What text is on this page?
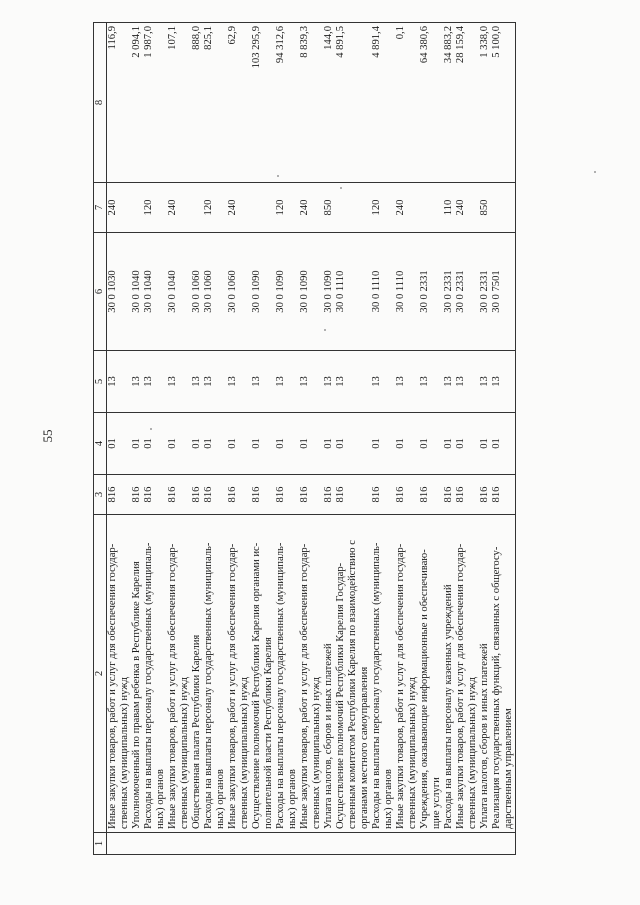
55
1	2	3	4	5	6	7	8

	Иные закупки товаров, работ и услуг для обеспечения государ- ственных (муниципальных) нужд	816	01	13	30 0 1030	240	116,9

	Уполномоченный по правам ребенка в Республике Карелия	816	01	13	30 0 1040		2 094,1

	Расходы на выплаты персоналу государственных (муниципаль- ных) органов	816	01	13	30 0 1040	120	1 987,0

	Иные закупки товаров, работ и услуг для обеспечения государ- ственных (муниципальных) нужд	816	01	13	30 0 1040	240	107,1

	Общественная палата Республики Карелия	816	01	13	30 0 1060		888,0

	Расходы на выплаты персоналу государственных (муниципаль- ных) органов	816	01	13	30 0 1060	120	825,1

	Иные закупки товаров, работ и услуг для обеспечения государ- ственных (муниципальных) нужд	816	01	13	30 0 1060	240	62,9

	Осуществление полномочий Республики Карелия органами ис- полнительной власти Республики Карелия	816	01	13	30 0 1090		103 295,9

	Расходы на выплаты персоналу государственных (муниципаль- ных) органов	816	01	13	30 0 1090	120	94 312,6

	Иные закупки товаров, работ и услуг для обеспечения государ- ственных (муниципальных) нужд	816	01	13	30 0 1090	240	8 839,3

	Уплата налогов, сборов и иных платежей	816	01	13	30 0 1090	850	144,0

	Осуществление полномочий Республики Карелия Государ- ственным комитетом Республики Карелия по взаимодействию с органами местного самоуправления	816	01	13	30 0 1110		4 891,5

	Расходы на выплаты персоналу государственных (муниципаль- ных) органов	816	01	13	30 0 1110	120	4 891,4

	Иные закупки товаров, работ и услуг для обеспечения государ- ственных (муниципальных) нужд	816	01	13	30 0 1110	240	0,1

	Учреждения, оказывающие информационные и обеспечиваю- щие услуги	816	01	13	30 0 2331		64 380,6

	Расходы на выплаты персоналу казенных учреждений	816	01	13	30 0 2331	110	34 883,2

	Иные закупки товаров, работ и услуг для обеспечения государ- ственных (муниципальных) нужд	816	01	13	30 0 2331	240	28 159,4

	Уплата налогов, сборов и иных платежей	816	01	13	30 0 2331	850	1 338,0

	Реализация государственных функций, связанных с общегосу- дарственным управлением	816	01	13	30 0 7501		5 100,0
